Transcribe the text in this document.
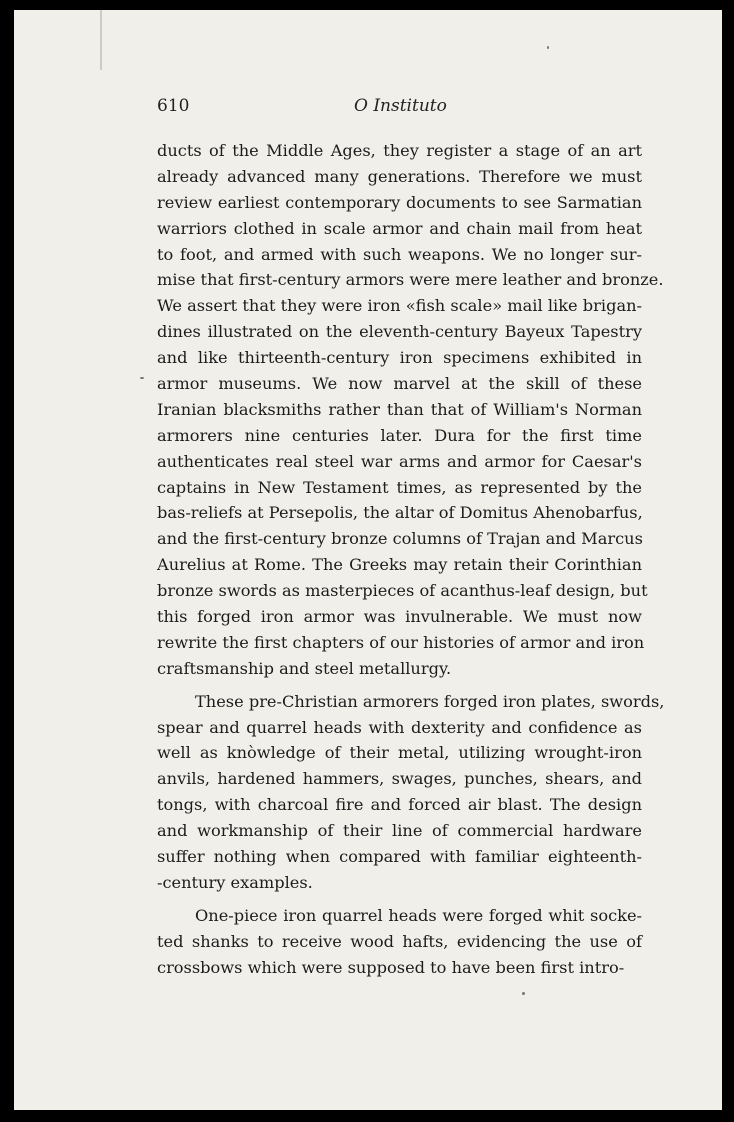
610	O Instituto
ducts of the Middle Ages, they register a stage of an art
already advanced many generations. Therefore we must
review earliest contemporary documents to see Sarmatian
warriors clothed in scale armor and chain mail from heat
to foot, and armed with such weapons. We no longer sur-
mise that first-century armors were mere leather and bronze.
We assert that they were iron «fish scale» mail like brigan-
dines illustrated on the eleventh-century Bayeux Tapestry
and like thirteenth-century iron specimens exhibited in
armor museums. We now marvel at the skill of these
Iranian blacksmiths rather than that of William's Norman
armorers nine centuries later. Dura for the first time
authenticates real steel war arms and armor for Caesar's
captains in New Testament times, as represented by the
bas-reliefs at Persepolis, the altar of Domitus Ahenobarfus,
and the first-century bronze columns of Trajan and Marcus
Aurelius at Rome. The Greeks may retain their Corinthian
bronze swords as masterpieces of acanthus-leaf design, but
this forged iron armor was invulnerable. We must now
rewrite the first chapters of our histories of armor and iron
craftsmanship and steel metallurgy.
These pre-Christian armorers forged iron plates, swords,
spear and quarrel heads with dexterity and confidence as
well as knòwledge of their metal, utilizing wrought-iron
anvils, hardened hammers, swages, punches, shears, and
tongs, with charcoal fire and forced air blast. The design
and workmanship of their line of commercial hardware
suffer nothing when compared with familiar eighteenth-
-century examples.
One-piece iron quarrel heads were forged whit socke-
ted shanks to receive wood hafts, evidencing the use of
crossbows which were supposed to have been first intro-
